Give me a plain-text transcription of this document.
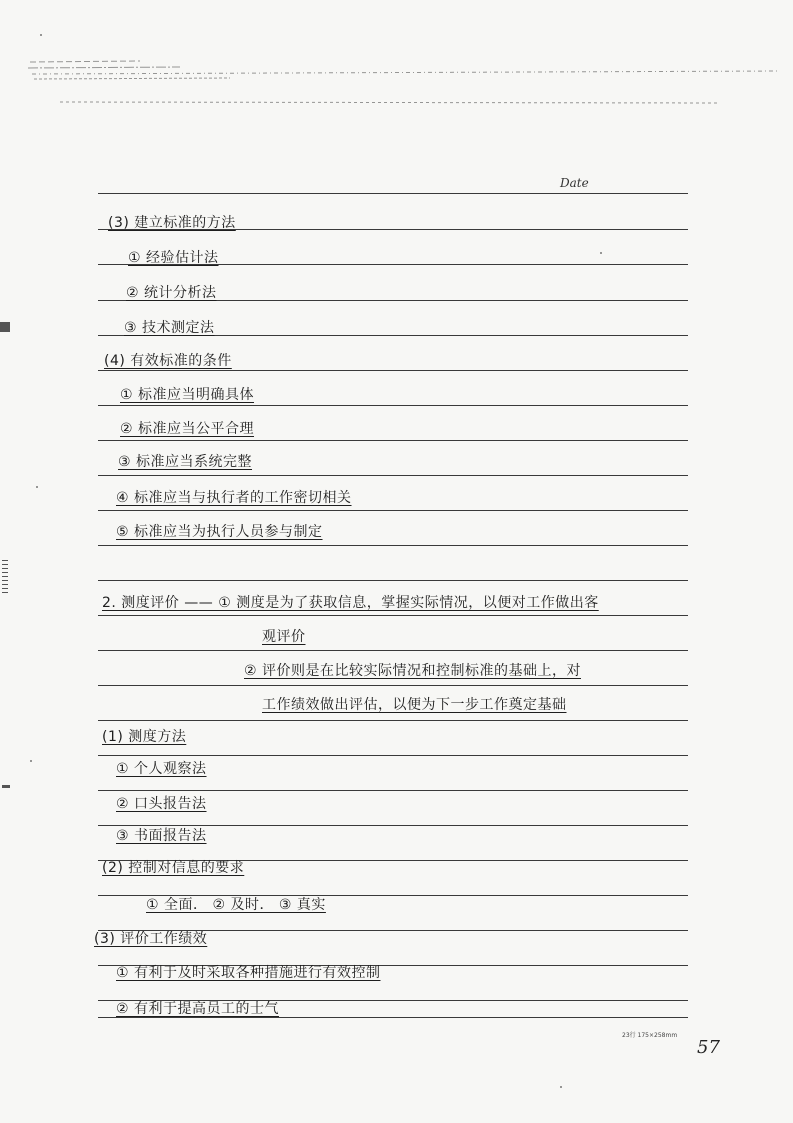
Date
(3) 建立标准的方法
① 经验估计法
② 统计分析法
③ 技术测定法
(4) 有效标准的条件
① 标准应当明确具体
② 标准应当公平合理
③ 标准应当系统完整
④ 标准应当与执行者的工作密切相关
⑤ 标准应当为执行人员参与制定
2. 测度评价 —— ① 测度是为了获取信息，掌握实际情况，以便对工作做出客
观评价
② 评价则是在比较实际情况和控制标准的基础上，对
工作绩效做出评估，以便为下一步工作奠定基础
(1) 测度方法
① 个人观察法
② 口头报告法
③ 书面报告法
(2) 控制对信息的要求
① 全面． ② 及时． ③ 真实
(3) 评价工作绩效
① 有利于及时采取各种措施进行有效控制
② 有利于提高员工的士气
23行 175×258mm
57
